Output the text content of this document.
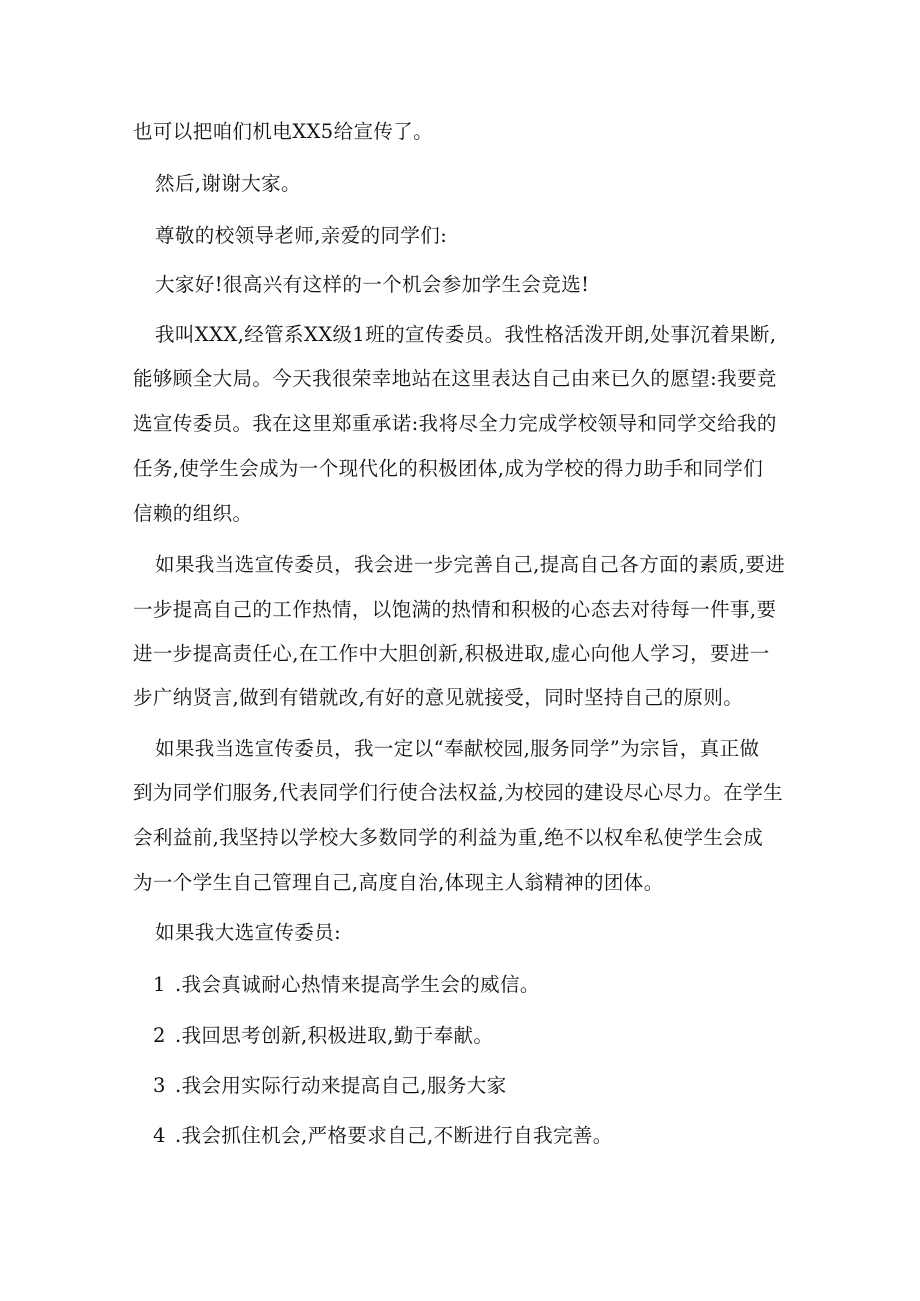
也可以把咱们机电XX5给宣传了。
然后,谢谢大家。
尊敬的校领导老师,亲爱的同学们:
大家好!很高兴有这样的一个机会参加学生会竞选!
我叫XXX,经管系XX级1班的宣传委员。我性格活泼开朗,处事沉着果断,
能够顾全大局。今天我很荣幸地站在这里表达自己由来已久的愿望:我要竞
选宣传委员。我在这里郑重承诺:我将尽全力完成学校领导和同学交给我的
任务,使学生会成为一个现代化的积极团体,成为学校的得力助手和同学们
信赖的组织。
如果我当选宣传委员，我会进一步完善自己,提高自己各方面的素质,要进
一步提高自己的工作热情，以饱满的热情和积极的心态去对待每一件事,要
进一步提高责任心,在工作中大胆创新,积极进取,虚心向他人学习，要进一
步广纳贤言,做到有错就改,有好的意见就接受，同时坚持自己的原则。
如果我当选宣传委员，我一定以“奉献校园,服务同学”为宗旨，真正做
到为同学们服务,代表同学们行使合法权益,为校园的建设尽心尽力。在学生
会利益前,我坚持以学校大多数同学的利益为重,绝不以权牟私使学生会成
为一个学生自己管理自己,高度自治,体现主人翁精神的团体。
如果我大选宣传委员:
1 .我会真诚耐心热情来提高学生会的威信。
2 .我回思考创新,积极进取,勤于奉献。
3 .我会用实际行动来提高自己,服务大家
4 .我会抓住机会,严格要求自己,不断进行自我完善。
